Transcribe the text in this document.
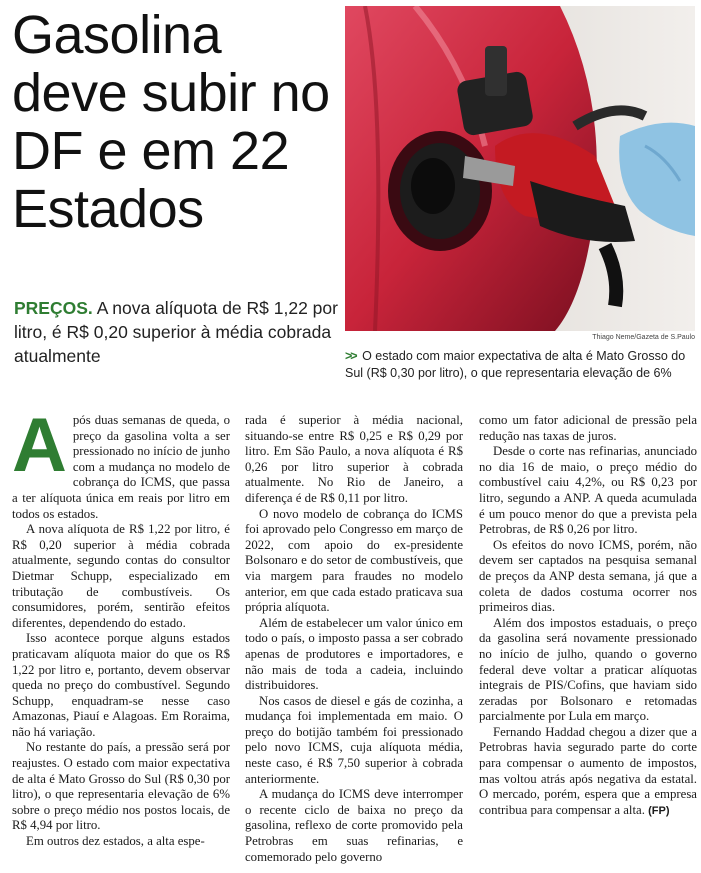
Gasolina deve subir no DF e em 22 Estados
PREÇOS. A nova alíquota de R$ 1,22 por litro, é R$ 0,20 superior à média cobrada atualmente
Thiago Neme/Gazeta de S.Paulo
>> O estado com maior expectativa de alta é Mato Grosso do Sul (R$ 0,30 por litro), o que representaria elevação de 6%

Após duas semanas de queda, o preço da gasolina volta a ser pressionado no início de junho com a mudança no modelo de cobrança do ICMS, que passa a ter alíquota única em reais por litro em todos os estados.

A nova alíquota de R$ 1,22 por litro, é R$ 0,20 superior à média cobrada atualmente, segundo contas do consultor Dietmar Schupp, especializado em tributação de combustíveis. Os consumidores, porém, sentirão efeitos diferentes, dependendo do estado.

Isso acontece porque alguns estados praticavam alíquota maior do que os R$ 1,22 por litro e, portanto, devem observar queda no preço do combustível. Segundo Schupp, enquadram-se nesse caso Amazonas, Piauí e Alagoas. Em Roraima, não há variação.

No restante do país, a pressão será por reajustes. O estado com maior expectativa de alta é Mato Grosso do Sul (R$ 0,30 por litro), o que representaria elevação de 6% sobre o preço médio nos postos locais, de R$ 4,94 por litro.

Em outros dez estados, a alta espe-

rada é superior à média nacional, situando-se entre R$ 0,25 e R$ 0,29 por litro. Em São Paulo, a nova alíquota é R$ 0,26 por litro superior à cobrada atualmente. No Rio de Janeiro, a diferença é de R$ 0,11 por litro.

O novo modelo de cobrança do ICMS foi aprovado pelo Congresso em março de 2022, com apoio do ex-presidente Bolsonaro e do setor de combustíveis, que via margem para fraudes no modelo anterior, em que cada estado praticava sua própria alíquota.

Além de estabelecer um valor único em todo o país, o imposto passa a ser cobrado apenas de produtores e importadores, e não mais de toda a cadeia, incluindo distribuidores.

Nos casos de diesel e gás de cozinha, a mudança foi implementada em maio. O preço do botijão também foi pressionado pelo novo ICMS, cuja alíquota média, neste caso, é R$ 7,50 superior à cobrada anteriormente.

A mudança do ICMS deve interromper o recente ciclo de baixa no preço da gasolina, reflexo de corte promovido pela Petrobras em suas refinarias, e comemorado pelo governo

como um fator adicional de pressão pela redução nas taxas de juros.

Desde o corte nas refinarias, anunciado no dia 16 de maio, o preço médio do combustível caiu 4,2%, ou R$ 0,23 por litro, segundo a ANP. A queda acumulada é um pouco menor do que a prevista pela Petrobras, de R$ 0,26 por litro.

Os efeitos do novo ICMS, porém, não devem ser captados na pesquisa semanal de preços da ANP desta semana, já que a coleta de dados costuma ocorrer nos primeiros dias.

Além dos impostos estaduais, o preço da gasolina será novamente pressionado no início de julho, quando o governo federal deve voltar a praticar alíquotas integrais de PIS/Cofins, que haviam sido zeradas por Bolsonaro e retomadas parcialmente por Lula em março.

Fernando Haddad chegou a dizer que a Petrobras havia segurado parte do corte para compensar o aumento de impostos, mas voltou atrás após negativa da estatal. O mercado, porém, espera que a empresa contribua para compensar a alta. (FP)
